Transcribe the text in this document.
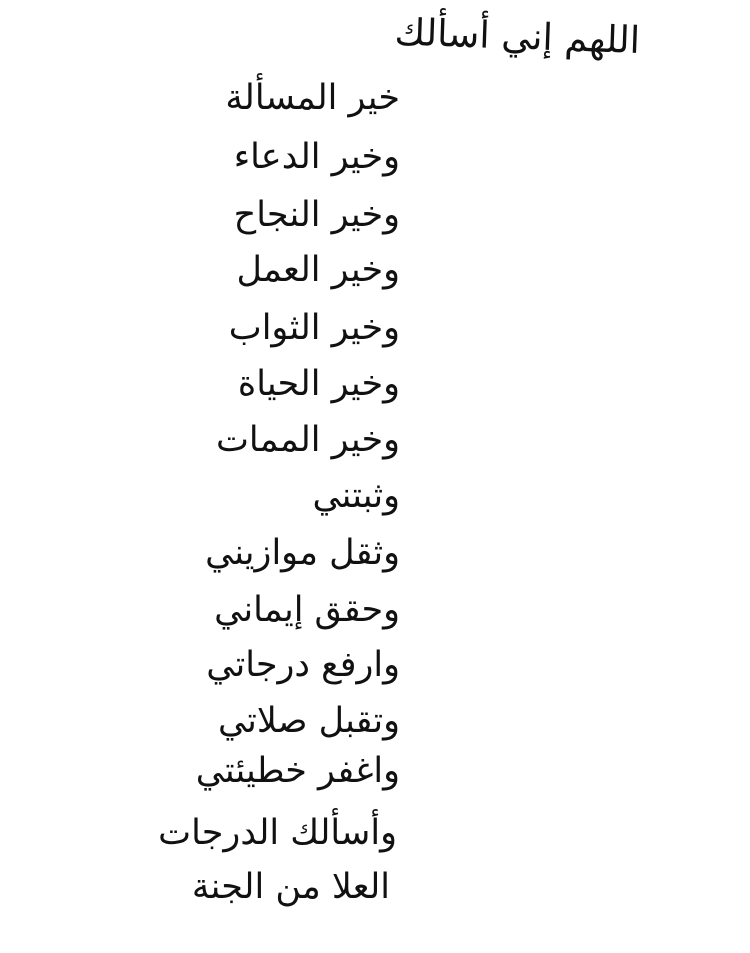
اللهم إني أسألك
خير المسألة
وخير الدعاء
وخير النجاح
وخير العمل
وخير الثواب
وخير الحياة
وخير الممات
وثبتني
وثقل موازيني
وحقق إيماني
وارفع درجاتي
وتقبل صلاتي
واغفر خطيئتي
وأسألك الدرجات
العلا من الجنة
